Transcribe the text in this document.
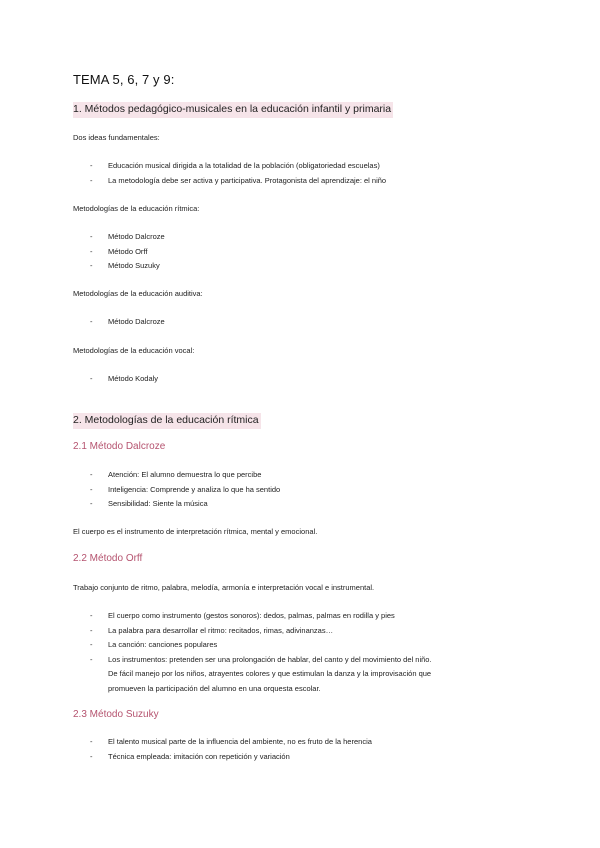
TEMA 5, 6, 7 y 9:
1. Métodos pedagógico-musicales en la educación infantil y primaria
Dos ideas fundamentales:
- Educación musical dirigida a la totalidad de la población (obligatoriedad escuelas)
- La metodología debe ser activa y participativa. Protagonista del aprendizaje: el niño
Metodologías de la educación rítmica:
- Método Dalcroze
- Método Orff
- Método Suzuky
Metodologías de la educación auditiva:
- Método Dalcroze
Metodologías de la educación vocal:
- Método Kodaly
2. Metodologías de la educación rítmica
2.1 Método Dalcroze
- Atención: El alumno demuestra lo que percibe
- Inteligencia: Comprende y analiza lo que ha sentido
- Sensibilidad: Siente la música
El cuerpo es el instrumento de interpretación rítmica, mental y emocional.
2.2 Método Orff
Trabajo conjunto de ritmo, palabra, melodía, armonía e interpretación vocal e instrumental.
- El cuerpo como instrumento (gestos sonoros): dedos, palmas, palmas en rodilla y pies
- La palabra para desarrollar el ritmo: recitados, rimas, adivinanzas…
- La canción: canciones populares
- Los instrumentos: pretenden ser una prolongación de hablar, del canto y del movimiento del niño.
De fácil manejo por los niños, atrayentes colores y que estimulan la danza y la improvisación que
promueven la participación del alumno en una orquesta escolar.
2.3 Método Suzuky
- El talento musical parte de la influencia del ambiente, no es fruto de la herencia
- Técnica empleada: imitación con repetición y variación
